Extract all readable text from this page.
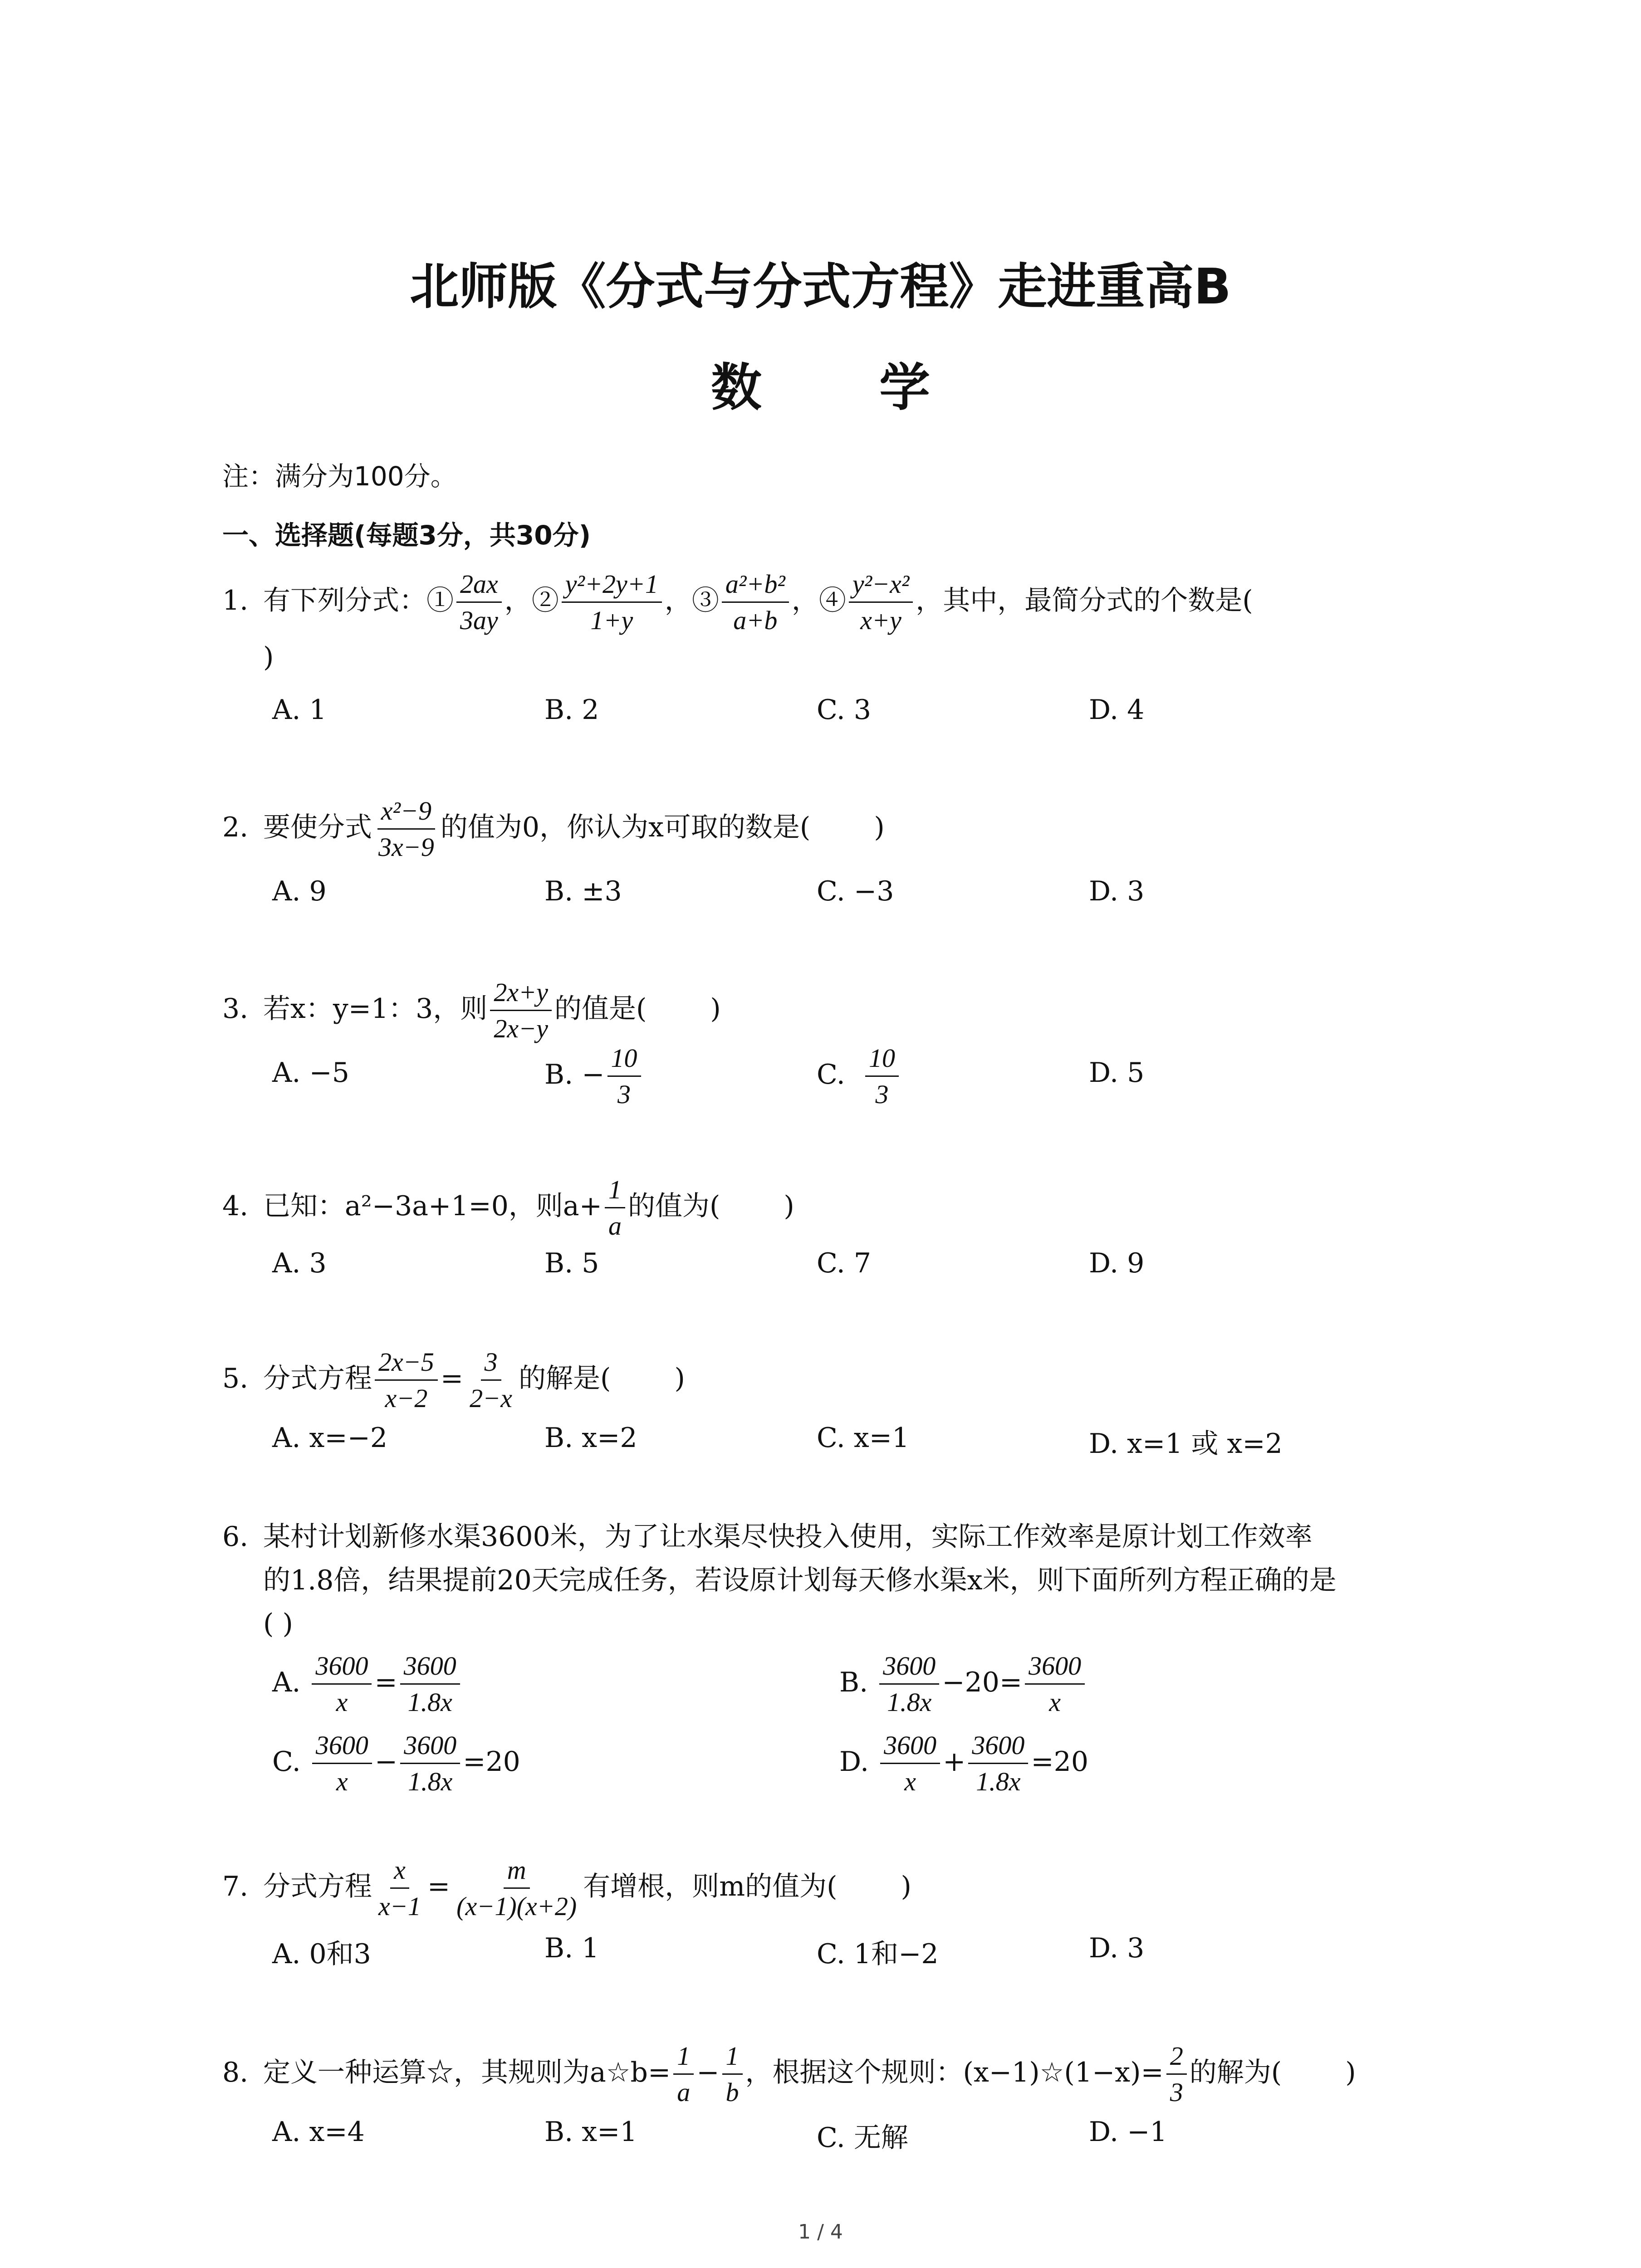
北师版《分式与分式方程》走进重高B
数 学
注：满分为100分。
一、选择题(每题3分，共30分)
1. 有下列分式：① $\frac{2ax}{3ay}$ ，② $\frac{\text{y²+2y+1}}{1+y}$ ，③ $\frac{\text{a²+b²}}{a+b}$ ，④ $\frac{\text{y²−x²}}{x+y}$ ，其中，最简分式的个数是(
)
A. 1	B. 2	C. 3	D. 4
2. 要使分式 $\frac{\text{x²−9}}{3x-9}$ 的值为0，你认为x可取的数是( )
A. 9	B. ±3	C. −3	D. 3
3. 若x：y=1：3，则 $\frac{2x+y}{2x-y}$ 的值是( )
A. −5	B. − $\frac{10}{3}$	C. $\frac{10}{3}$	D. 5
4. 已知：a²−3a+1=0，则$a+ \frac{1}{a}$ 的值为( )
A. 3	B. 5	C. 7	D. 9
5. 分式方程 $\frac{2x-5}{x-2} = \frac{3}{2-x}$ 的解是( )
A. x=−2	B. x=2	C. x=1	D. x=1 或 x=2
6. 某村计划新修水渠3600米，为了让水渠尽快投入使用，实际工作效率是原计划工作效率
的1.8倍，结果提前20天完成任务，若设原计划每天修水渠x米，则下面所列方程正确的是
( )
A. $\frac{3600}{x} = \frac{3600}{1.8x}$	B. $\frac{3600}{1.8x} -20= \frac{3600}{x}$
C. $\frac{3600}{x} - \frac{3600}{1.8x} =20$	D. $\frac{3600}{x} + \frac{3600}{1.8x} =20$
7. 分式方程 $\frac{x}{x-1} = \frac{m}{(x-1)(x+2)}$ 有增根，则m的值为( )
A. 0和3	B. 1	C. 1和−2	D. 3
8. 定义一种运算☆，其规则为a☆b= $\frac{1}{a} - \frac{1}{b}$ ，根据这个规则：(x−1)☆(1−x)= $\frac{2}{3}$ 的解为( )
A. x=4	B. x=1	C. 无解	D. −1
1 / 4
